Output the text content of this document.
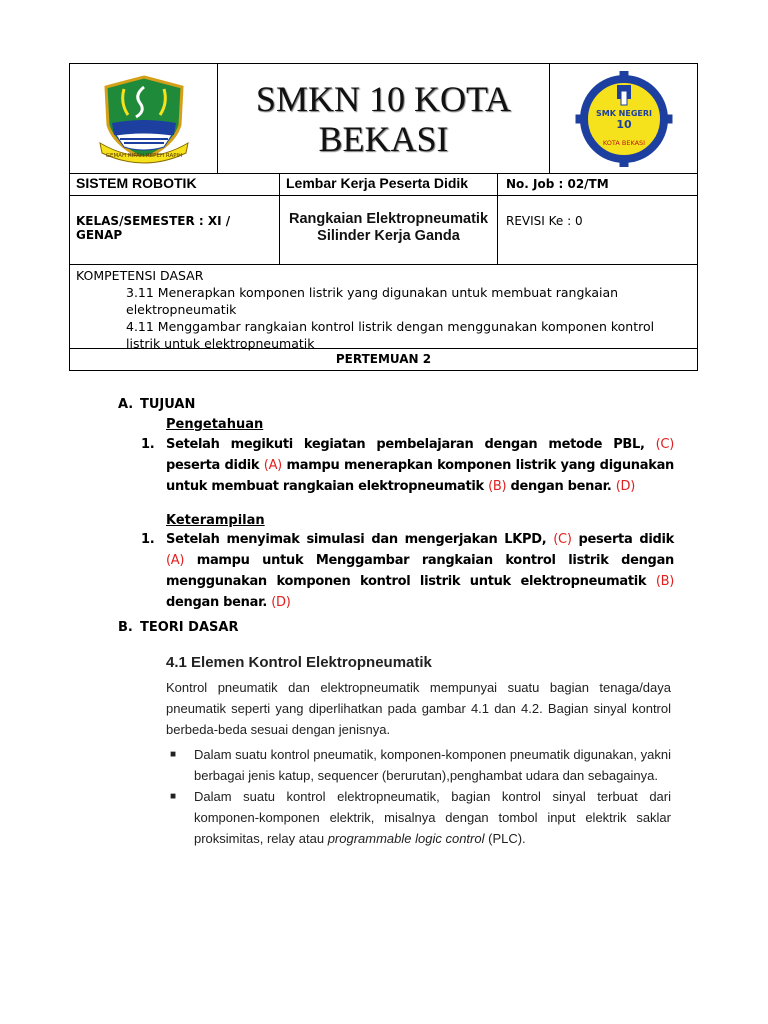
GEMAH RIPAH REPEH RAPIH
SMKN 10 KOTA
BEKASI
SMK NEGERI
10
KOTA BEKASI
SISTEM ROBOTIK	Lembar Kerja Peserta Didik	No. Job : 02/TM
KELAS/SEMESTER : XI / GENAP
Rangkaian Elektropneumatik Silinder Kerja Ganda
REVISI Ke : 0
KOMPETENSI DASAR
3.11 Menerapkan komponen listrik yang digunakan untuk membuat rangkaian elektropneumatik
4.11 Menggambar rangkaian kontrol listrik dengan menggunakan komponen kontrol listrik untuk elektropneumatik
PERTEMUAN 2
A. TUJUAN
Pengetahuan
1. Setelah megikuti kegiatan pembelajaran dengan metode PBL, (C) peserta didik (A) mampu menerapkan komponen listrik yang digunakan untuk membuat rangkaian elektropneumatik (B) dengan benar. (D)
Keterampilan
1. Setelah menyimak simulasi dan mengerjakan LKPD, (C) peserta didik (A) mampu untuk Menggambar rangkaian kontrol listrik dengan menggunakan komponen kontrol listrik untuk elektropneumatik (B) dengan benar. (D)
B. TEORI DASAR
4.1 Elemen Kontrol Elektropneumatik
Kontrol pneumatik dan elektropneumatik mempunyai suatu bagian tenaga/daya pneumatik seperti yang diperlihatkan pada gambar 4.1 dan 4.2. Bagian sinyal kontrol berbeda-beda sesuai dengan jenisnya.
■ Dalam suatu kontrol pneumatik, komponen-komponen pneumatik digunakan, yakni berbagai jenis katup, sequencer (berurutan),penghambat udara dan sebagainya.
■ Dalam suatu kontrol elektropneumatik, bagian kontrol sinyal terbuat dari komponen-komponen elektrik, misalnya dengan tombol input elektrik saklar proksimitas, relay atau programmable logic control (PLC).
